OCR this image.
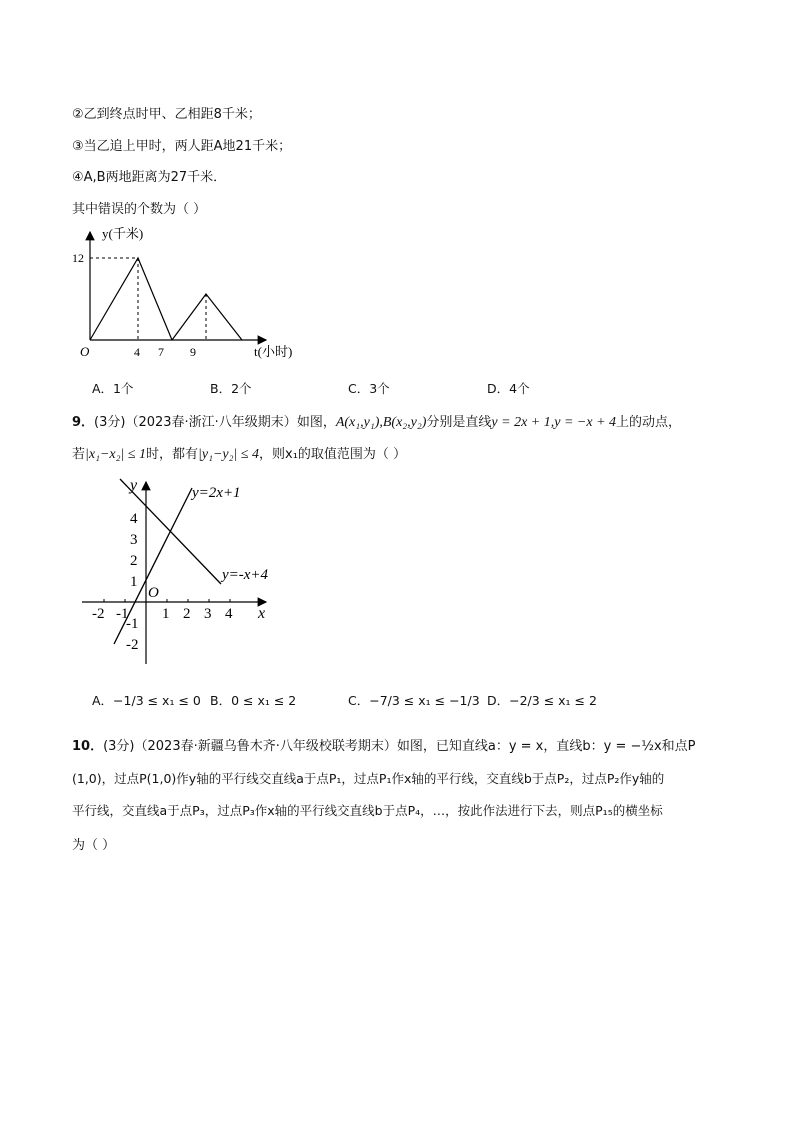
②乙到终点时甲、乙相距8千米；
③当乙追上甲时，两人距A地21千米；
④A,B两地距离为27千米．
其中错误的个数为（ ）
y(千米)
12
O	4 7 9	t(小时)
A．1个	B．2个	C．3个	D．4个
9．(3分)（2023春·浙江·八年级期末）如图，A(x₁,y₁),B(x₂,y₂)分别是直线y = 2x + 1,y = −x + 4上的动点，
若|x₁−x₂| ≤ 1时，都有|y₁−y₂| ≤ 4，则x₁的取值范围为（ ）
y
x
y=2x+1
y=-x+4
O
-2 -1 1 2 3 4
4
3
2
1
-1
-2
A．−1/3 ≤ x₁ ≤ 0 B．0 ≤ x₁ ≤ 2	C．−7/3 ≤ x₁ ≤ −1/3 D．−2/3 ≤ x₁ ≤ 2
10．(3分)（2023春·新疆乌鲁木齐·八年级校联考期末）如图，已知直线a：y = x，直线b：y = −½x和点P
(1,0)，过点P(1,0)作y轴的平行线交直线a于点P₁，过点P₁作x轴的平行线，交直线b于点P₂，过点P₂作y轴的
平行线，交直线a于点P₃，过点P₃作x轴的平行线交直线b于点P₄，…，按此作法进行下去，则点P₁₅的横坐标
为（ ）
